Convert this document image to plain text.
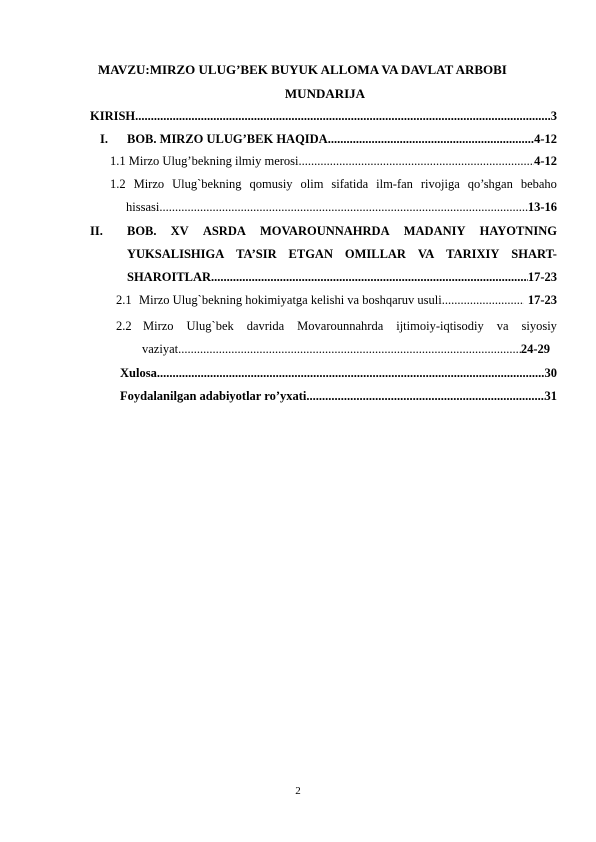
MAVZU:MIRZO ULUG’BEK BUYUK ALLOMA VA DAVLAT ARBOBI
MUNDARIJA
KIRISH .....	3
I. BOB. MIRZO ULUG’BEK HAQIDA .....	4-12
1.1 Mirzo Ulug’bekning ilmiy merosi .....	4-12
1.2 Mirzo Ulug`bekning qomusiy olim sifatida ilm-fan rivojiga qo’shgan bebaho
hissasi .....	13-16
II. BOB. XV ASRDA MOVAROUNNAHRDA MADANIY HAYOTNING
YUKSALISHIGA TA’SIR ETGAN OMILLAR VA TARIXIY SHART-
SHAROITLAR .....	17-23
2.1 Mirzo Ulug`bekning hokimiyatga kelishi va boshqaruv usuli .....	17-23
2.2 Mirzo Ulug`bek davrida Movarounnahrda ijtimoiy-iqtisodiy va siyosiy
vaziyat .....	24-29
Xulosa .....	30
Foydalanilgan adabiyotlar ro’yxati .....	31
2
